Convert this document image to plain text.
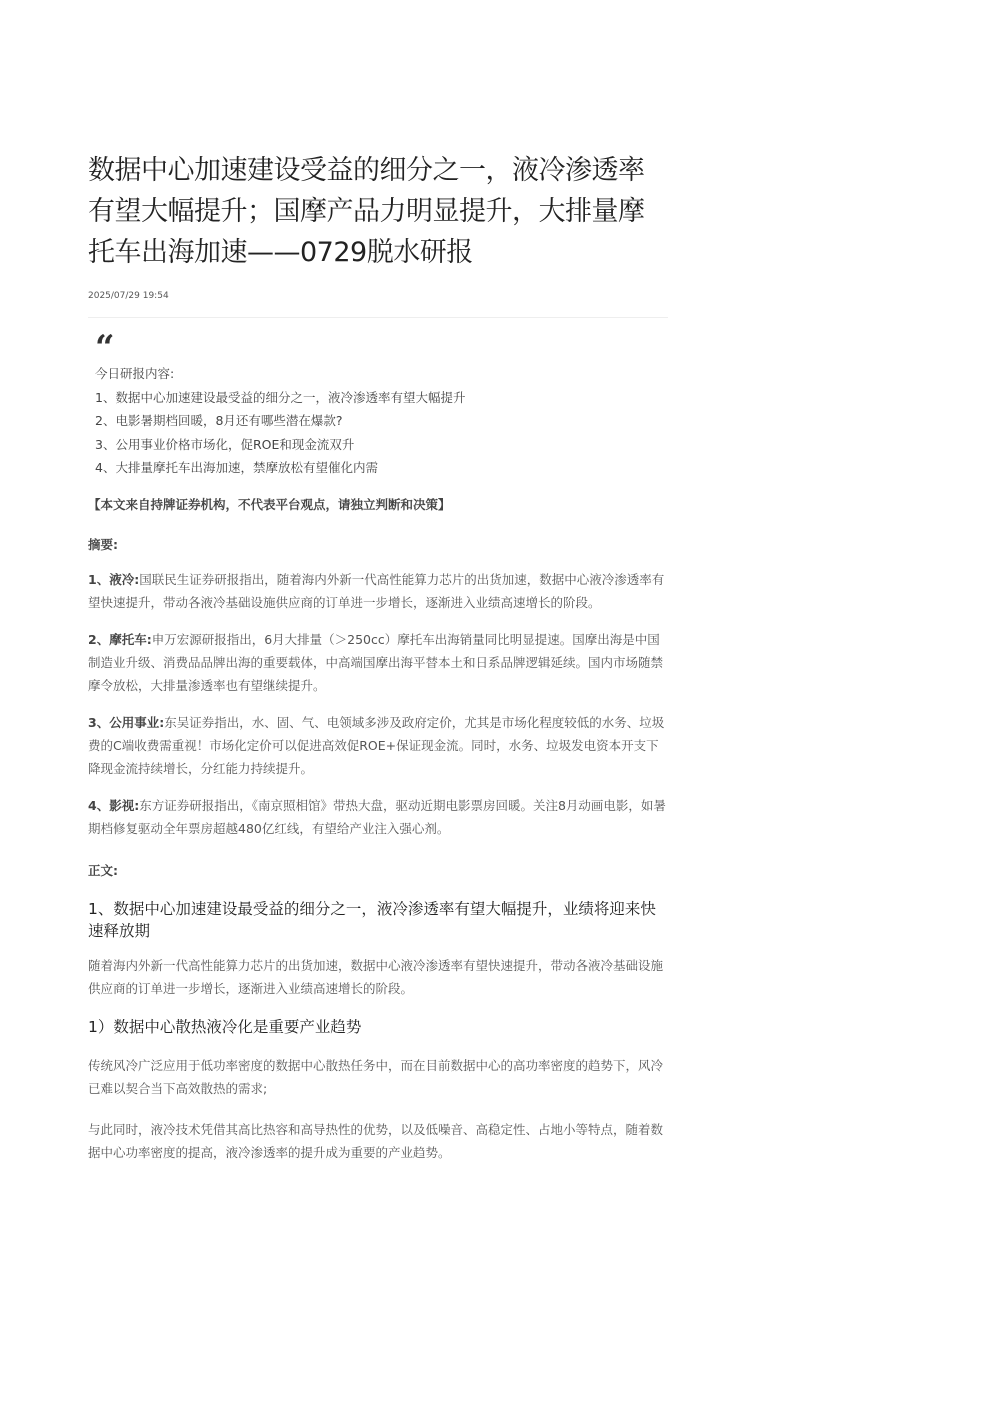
数据中心加速建设受益的细分之一，液冷渗透率有望大幅提升；国摩产品力明显提升，大排量摩托车出海加速——0729脱水研报
2025/07/29 19:54
“
今日研报内容:
1、数据中心加速建设最受益的细分之一，液冷渗透率有望大幅提升
2、电影暑期档回暖，8月还有哪些潜在爆款?
3、公用事业价格市场化，促ROE和现金流双升
4、大排量摩托车出海加速，禁摩放松有望催化内需
【本文来自持牌证券机构，不代表平台观点，请独立判断和决策】
摘要:
1、液冷:国联民生证券研报指出，随着海内外新一代高性能算力芯片的出货加速，数据中心液冷渗透率有望快速提升，带动各液冷基础设施供应商的订单进一步增长，逐渐进入业绩高速增长的阶段。
2、摩托车:申万宏源研报指出，6月大排量（＞250cc）摩托车出海销量同比明显提速。国摩出海是中国制造业升级、消费品品牌出海的重要载体，中高端国摩出海平替本土和日系品牌逻辑延续。国内市场随禁摩令放松，大排量渗透率也有望继续提升。
3、公用事业:东吴证券指出，水、固、气、电领域多涉及政府定价，尤其是市场化程度较低的水务、垃圾费的C端收费需重视！市场化定价可以促进高效促ROE+保证现金流。同时，水务、垃圾发电资本开支下降现金流持续增长，分红能力持续提升。
4、影视:东方证券研报指出，《南京照相馆》带热大盘，驱动近期电影票房回暖。关注8月动画电影，如暑期档修复驱动全年票房超越480亿红线，有望给产业注入强心剂。
正文:
1、数据中心加速建设最受益的细分之一，液冷渗透率有望大幅提升，业绩将迎来快速释放期
随着海内外新一代高性能算力芯片的出货加速，数据中心液冷渗透率有望快速提升，带动各液冷基础设施供应商的订单进一步增长，逐渐进入业绩高速增长的阶段。
1）数据中心散热液冷化是重要产业趋势
传统风冷广泛应用于低功率密度的数据中心散热任务中，而在目前数据中心的高功率密度的趋势下，风冷已难以契合当下高效散热的需求;
与此同时，液冷技术凭借其高比热容和高导热性的优势，以及低噪音、高稳定性、占地小等特点，随着数据中心功率密度的提高，液冷渗透率的提升成为重要的产业趋势。
